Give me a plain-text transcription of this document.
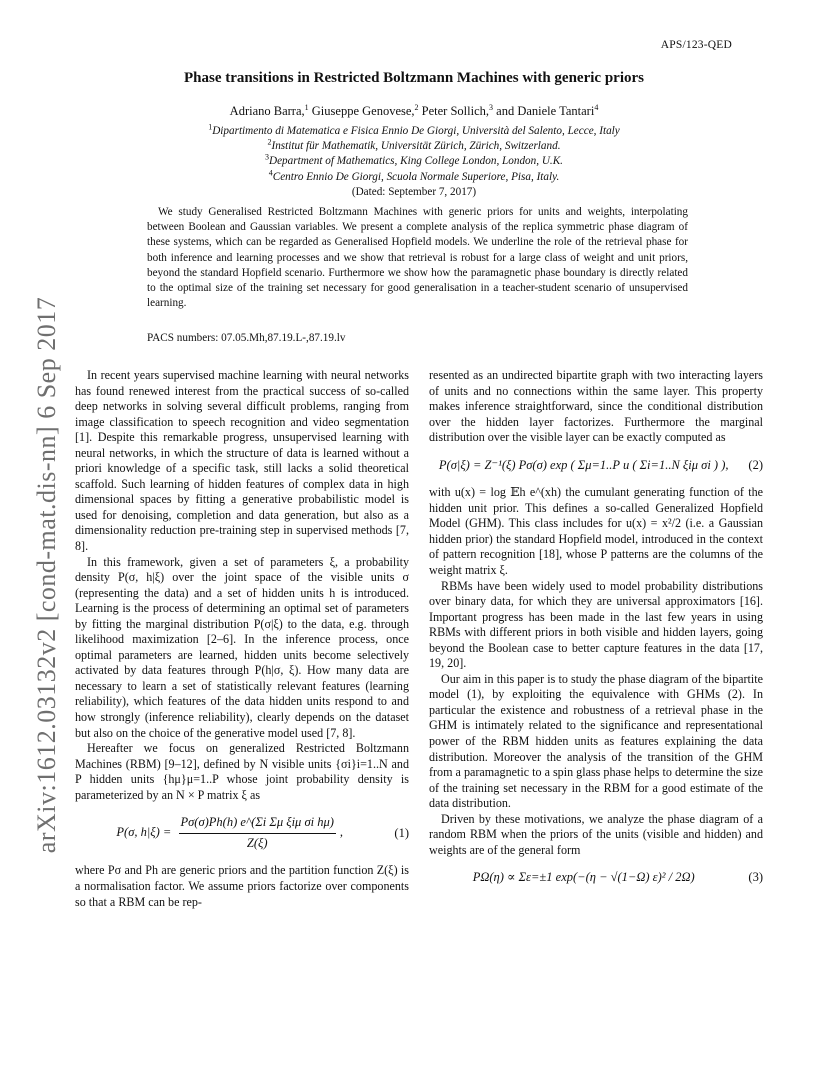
APS/123-QED
arXiv:1612.03132v2 [cond-mat.dis-nn] 6 Sep 2017
Phase transitions in Restricted Boltzmann Machines with generic priors
Adriano Barra,$^1$ Giuseppe Genovese,$^2$ Peter Sollich,$^3$ and Daniele Tantari$^4$
$^1$Dipartimento di Matematica e Fisica Ennio De Giorgi, Università del Salento, Lecce, Italy
$^2$Institut für Mathematik, Universität Zürich, Zürich, Switzerland.
$^3$Department of Mathematics, King College London, London, U.K.
$^4$Centro Ennio De Giorgi, Scuola Normale Superiore, Pisa, Italy.
(Dated: September 7, 2017)

We study Generalised Restricted Boltzmann Machines with generic priors for units and weights, interpolating between Boolean and Gaussian variables. We present a complete analysis of the replica symmetric phase diagram of these systems, which can be regarded as Generalised Hopfield models. We underline the role of the retrieval phase for both inference and learning processes and we show that retrieval is robust for a large class of weight and unit priors, beyond the standard Hopfield scenario. Furthermore we show how the paramagnetic phase boundary is directly related to the optimal size of the training set necessary for good generalisation in a teacher-student scenario of unsupervised learning.

PACS numbers: 07.05.Mh,87.19.L-,87.19.lv

In recent years supervised machine learning with neural networks has found renewed interest from the practical success of so-called deep networks in solving several difficult problems, ranging from image classification to speech recognition and video segmentation [1]. Despite this remarkable progress, unsupervised learning with neural networks, in which the structure of data is learned without a priori knowledge of a specific task, still lacks a solid theoretical scaffold. Such learning of hidden features of complex data in high dimensional spaces by fitting a generative probabilistic model is used for denoising, completion and data generation, but also as a dimensionality reduction pre-training step in supervised methods [7, 8].

In this framework, given a set of parameters ξ, a probability density P(σ, h|ξ) over the joint space of the visible units σ (representing the data) and a set of hidden units h is introduced. Learning is the process of determining an optimal set of parameters by fitting the marginal distribution P(σ|ξ) to the data, e.g. through likelihood maximization [2–6]. In the inference process, once optimal parameters are learned, hidden units become selectively activated by data features through P(h|σ, ξ). How many data are necessary to learn a set of statistically relevant features (learning reliability), which features of the data hidden units respond to and how strongly (inference reliability), clearly depends on the dataset but also on the choice of the generative model used [7, 8].

Hereafter we focus on generalized Restricted Boltzmann Machines (RBM) [9–12], defined by N visible units {σi}i=1..N and P hidden units {hμ}μ=1..P whose joint probability density is parameterized by an N × P matrix ξ as

P(σ, $h|\xi) = \frac{\text{Pσ(σ)Ph(h) e\textasciicircum{}(Σi Σμ ξiμ σi hμ)}}{Z(\xi)}$ ,	(1)

where Pσ and Ph are generic priors and the partition function Z(ξ) is a normalisation factor. We assume priors factorize over components so that a RBM can be rep-

resented as an undirected bipartite graph with two interacting layers of units and no connections within the same layer. This property makes inference straightforward, since the conditional distribution over the hidden layer factorizes. Furthermore the marginal distribution over the visible layer can be exactly computed as

P(σ|ξ) = Z⁻¹(ξ) Pσ(σ) exp ( Σμ=1..P u ( Σi=1..N ξiμ σi ) ),	(2)

with u(x) = log 𝔼h e^(xh) the cumulant generating function of the hidden unit prior. This defines a so-called Generalized Hopfield Model (GHM). This class includes for u(x) = x²/2 (i.e. a Gaussian hidden prior) the standard Hopfield model, introduced in the context of pattern recognition [18], whose P patterns are the columns of the weight matrix ξ.

RBMs have been widely used to model probability distributions over binary data, for which they are universal approximators [16]. Important progress has been made in the last few years in using RBMs with different priors in both visible and hidden layers, going beyond the Boolean case to better capture features in the data [17, 19, 20].

Our aim in this paper is to study the phase diagram of the bipartite model (1), by exploiting the equivalence with GHMs (2). In particular the existence and robustness of a retrieval phase in the GHM is intimately related to the significance and representational power of the RBM hidden units as features explaining the data distribution. Moreover the analysis of the transition of the GHM from a paramagnetic to a spin glass phase helps to determine the size of the training set necessary in the RBM for a good estimate of the data distribution.

Driven by these motivations, we analyze the phase diagram of a random RBM when the priors of the units (visible and hidden) and weights are of the general form

PΩ(η) ∝ Σε=±1 exp(−(η − √(1−Ω) ε)² / 2Ω)	(3)
